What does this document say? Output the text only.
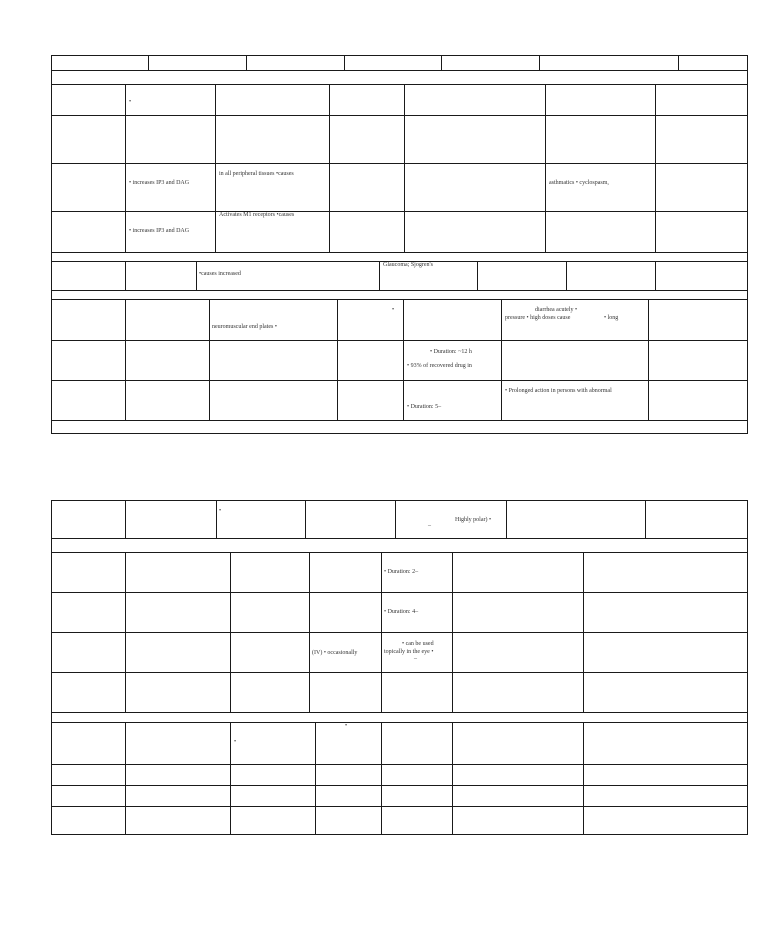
•
• increases IP3 and DAG
in all peripheral tissues •causes
asthmatics • cyclospasm,
• increases IP3 and DAG
Activates M1 receptors •causes
•causes increased
Glaucoma; Sjogren's
neuromuscular end plates •
•	diarrhea acutely •
pressure • high doses cause	• long
• Duration: ~12 h
• 93% of recovered drug in
• Prolonged action in persons with abnormal
• Duration: 5–
•
Highly polar) •
–
• Duration: 2–
• Duration: 4–
(IV) • occasionally
• can be used
topically in the eye •
–
•
•
